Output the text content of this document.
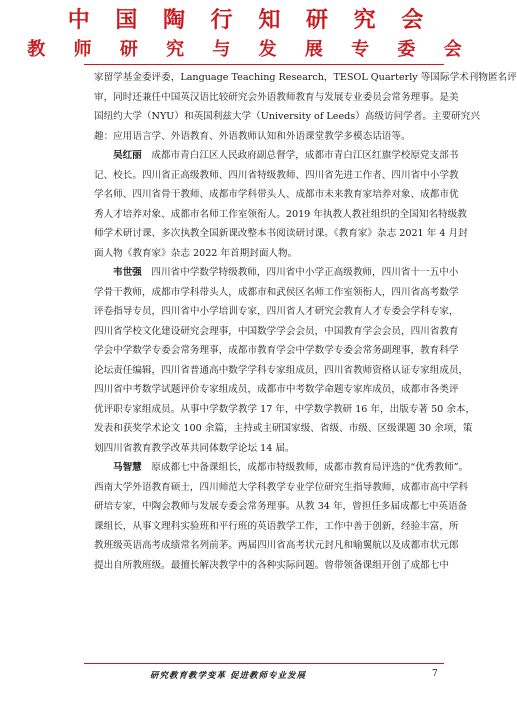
中 国 陶 行 知 研 究 会
教 师 研 究 与 发 展 专 委 会
家留学基金委评委，Language Teaching Research，TESOL Quarterly 等国际学术刊物匿名评
审，同时还兼任中国英汉语比较研究会外语教师教育与发展专业委员会常务理事。是美
国纽约大学（NYU）和英国利兹大学（University of Leeds）高级访问学者。主要研究兴
趣：应用语言学、外语教育、外语教师认知和外语课堂教学多模态话语等。
吴红丽　 成都市青白江区人民政府副总督学，成都市青白江区红旗学校原党支部书
记、校长。四川省正高级教师、四川省特级教师、四川省先进工作者、四川省中小学教
学名师、四川省骨干教师、成都市学科带头人、成都市未来教育家培养对象、成都市优
秀人才培养对象、成都市名师工作室领衔人。2019 年执教人教社组织的全国知名特级教
师学术研讨课、多次执教全国新课改整本书阅读研讨课。《教育家》杂志 2021 年 4 月封
面人物《教育家》杂志 2022 年首期封面人物。
韦世强　 四川省中学数学特级教师，四川省中小学正高级教师，四川省十一五中小
学骨干教师，成都市学科带头人，成都市和武侯区名师工作室领衔人，四川省高考数学
评卷指导专员，四川省中小学培训专家，四川省人才研究会教育人才专委会学科专家，
四川省学校文化建设研究会理事，中国数学学会会员，中国教育学会会员，四川省教育
学会中学数学专委会常务理事，成都市教育学会中学数学专委会常务副理事，教育科学
论坛责任编辑，四川省普通高中数学学科专家组成员，四川省教师资格认证专家组成员，
四川省中考数学试题评价专家组成员，成都市中考数学命题专家库成员，成都市各类评
优评职专家组成员。从事中学数学教学 17 年，中学数学教研 16 年，出版专著 50 余本，
发表和获奖学术论文 100 余篇，主持或主研国家级、省级、市级、区级课题 30 余项，策
划四川省教育教学改革共同体数学论坛 14 届。
马智慧　 原成都七中备课组长，成都市特级教师，成都市教育局评选的“优秀教师”。
西南大学外语教育硕士，四川师范大学科教学专业学位研究生指导教师，成都市高中学科
研培专家，中陶会教师与发展专委会常务理事。从教 34 年，曾担任多届成都七中英语备
课组长，从事文理科实验班和平行班的英语教学工作，工作中善于创新，经验丰富，所
教班级英语高考成绩常名列前茅。两届四川省高考状元封凡和喻翼航以及成都市状元郎
提出自所教班级。最擅长解决教学中的各种实际问题。曾带领备课组开创了成都七中
研究教育教学变革 促进教师专业发展	7
